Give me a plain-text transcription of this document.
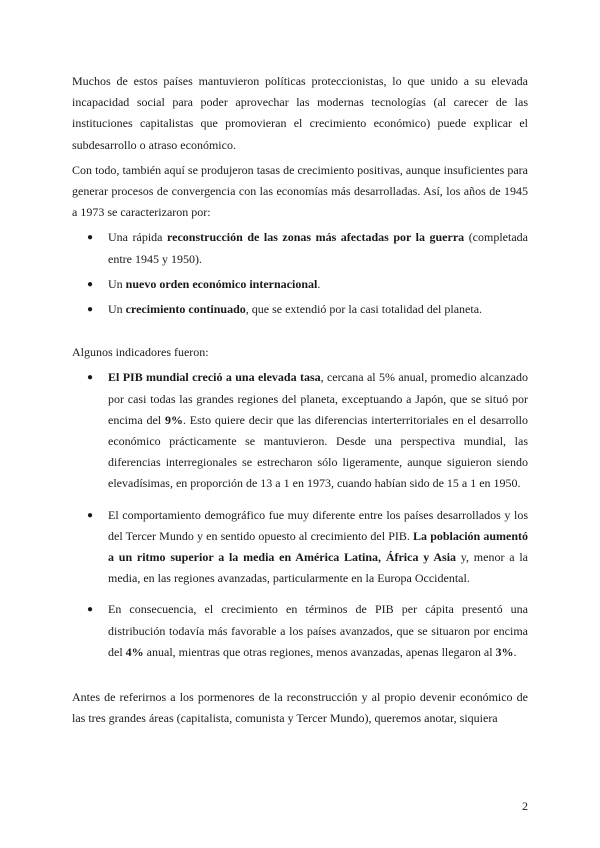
Muchos de estos países mantuvieron políticas proteccionistas, lo que unido a su elevada incapacidad social para poder aprovechar las modernas tecnologías (al carecer de las instituciones capitalistas que promovieran el crecimiento económico) puede explicar el subdesarrollo o atraso económico.

Con todo, también aquí se produjeron tasas de crecimiento positivas, aunque insuficientes para generar procesos de convergencia con las economías más desarrolladas. Así, los años de 1945 a 1973 se caracterizaron por:

● Una rápida reconstrucción de las zonas más afectadas por la guerra (completada entre 1945 y 1950).
● Un nuevo orden económico internacional.
● Un crecimiento continuado, que se extendió por la casi totalidad del planeta.

Algunos indicadores fueron:

● El PIB mundial creció a una elevada tasa, cercana al 5% anual, promedio alcanzado por casi todas las grandes regiones del planeta, exceptuando a Japón, que se situó por encima del 9%. Esto quiere decir que las diferencias interterritoriales en el desarrollo económico prácticamente se mantuvieron. Desde una perspectiva mundial, las diferencias interregionales se estrecharon sólo ligeramente, aunque siguieron siendo elevadísimas, en proporción de 13 a 1 en 1973, cuando habían sido de 15 a 1 en 1950.
● El comportamiento demográfico fue muy diferente entre los países desarrollados y los del Tercer Mundo y en sentido opuesto al crecimiento del PIB. La población aumentó a un ritmo superior a la media en América Latina, África y Asia y, menor a la media, en las regiones avanzadas, particularmente en la Europa Occidental.
● En consecuencia, el crecimiento en términos de PIB per cápita presentó una distribución todavía más favorable a los países avanzados, que se situaron por encima del 4% anual, mientras que otras regiones, menos avanzadas, apenas llegaron al 3%.

Antes de referirnos a los pormenores de la reconstrucción y al propio devenir económico de las tres grandes áreas (capitalista, comunista y Tercer Mundo), queremos anotar, siquiera

2
